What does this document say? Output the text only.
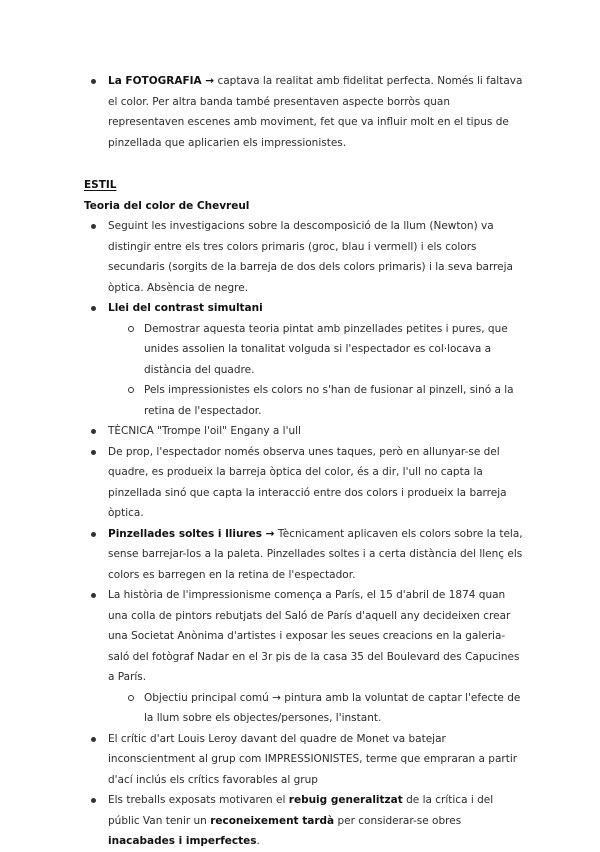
La FOTOGRAFIA → captava la realitat amb fidelitat perfecta. Només li faltava el color. Per altra banda també presentaven aspecte borròs quan representaven escenes amb moviment, fet que va influir molt en el tipus de pinzellada que aplicarien els impressionistes.
ESTIL
Teoria del color de Chevreul
Seguint les investigacions sobre la descomposició de la llum (Newton) va distingir entre els tres colors primaris (groc, blau i vermell) i els colors secundaris (sorgits de la barreja de dos dels colors primaris) i la seva barreja òptica. Absència de negre.
Llei del contrast simultani
Demostrar aquesta teoria pintat amb pinzellades petites i pures, que unides assolien la tonalitat volguda si l'espectador es col·locava a distància del quadre.
Pels impressionistes els colors no s'han de fusionar al pinzell, sinó a la retina de l'espectador.
TÈCNICA "Trompe l'oil" Engany a l'ull
De prop, l'espectador només observa unes taques, però en allunyar-se del quadre, es produeix la barreja òptica del color, és a dir, l'ull no capta la pinzellada sinó que capta la interacció entre dos colors i produeix la barreja òptica.
Pinzellades soltes i lliures → Tècnicament aplicaven els colors sobre la tela, sense barrejar-los a la paleta. Pinzellades soltes i a certa distància del llenç els colors es barregen en la retina de l'espectador.
La història de l'impressionisme comença a París, el 15 d'abril de 1874 quan una colla de pintors rebutjats del Saló de París d'aquell any decideixen crear una Societat Anònima d'artistes i exposar les seues creacions en la galeria-saló del fotògraf Nadar en el 3r pis de la casa 35 del Boulevard des Capucines a París.
Objectiu principal comú → pintura amb la voluntat de captar l'efecte de la llum sobre els objectes/persones, l'instant.
El crític d'art Louis Leroy davant del quadre de Monet va batejar inconscientment al grup com IMPRESSIONISTES, terme que empraran a partir d'ací inclús els crítics favorables al grup
Els treballs exposats motivaren el rebuig generalitzat de la crítica i del públic Van tenir un reconeixement tardà per considerar-se obres inacabades i imperfectes.
